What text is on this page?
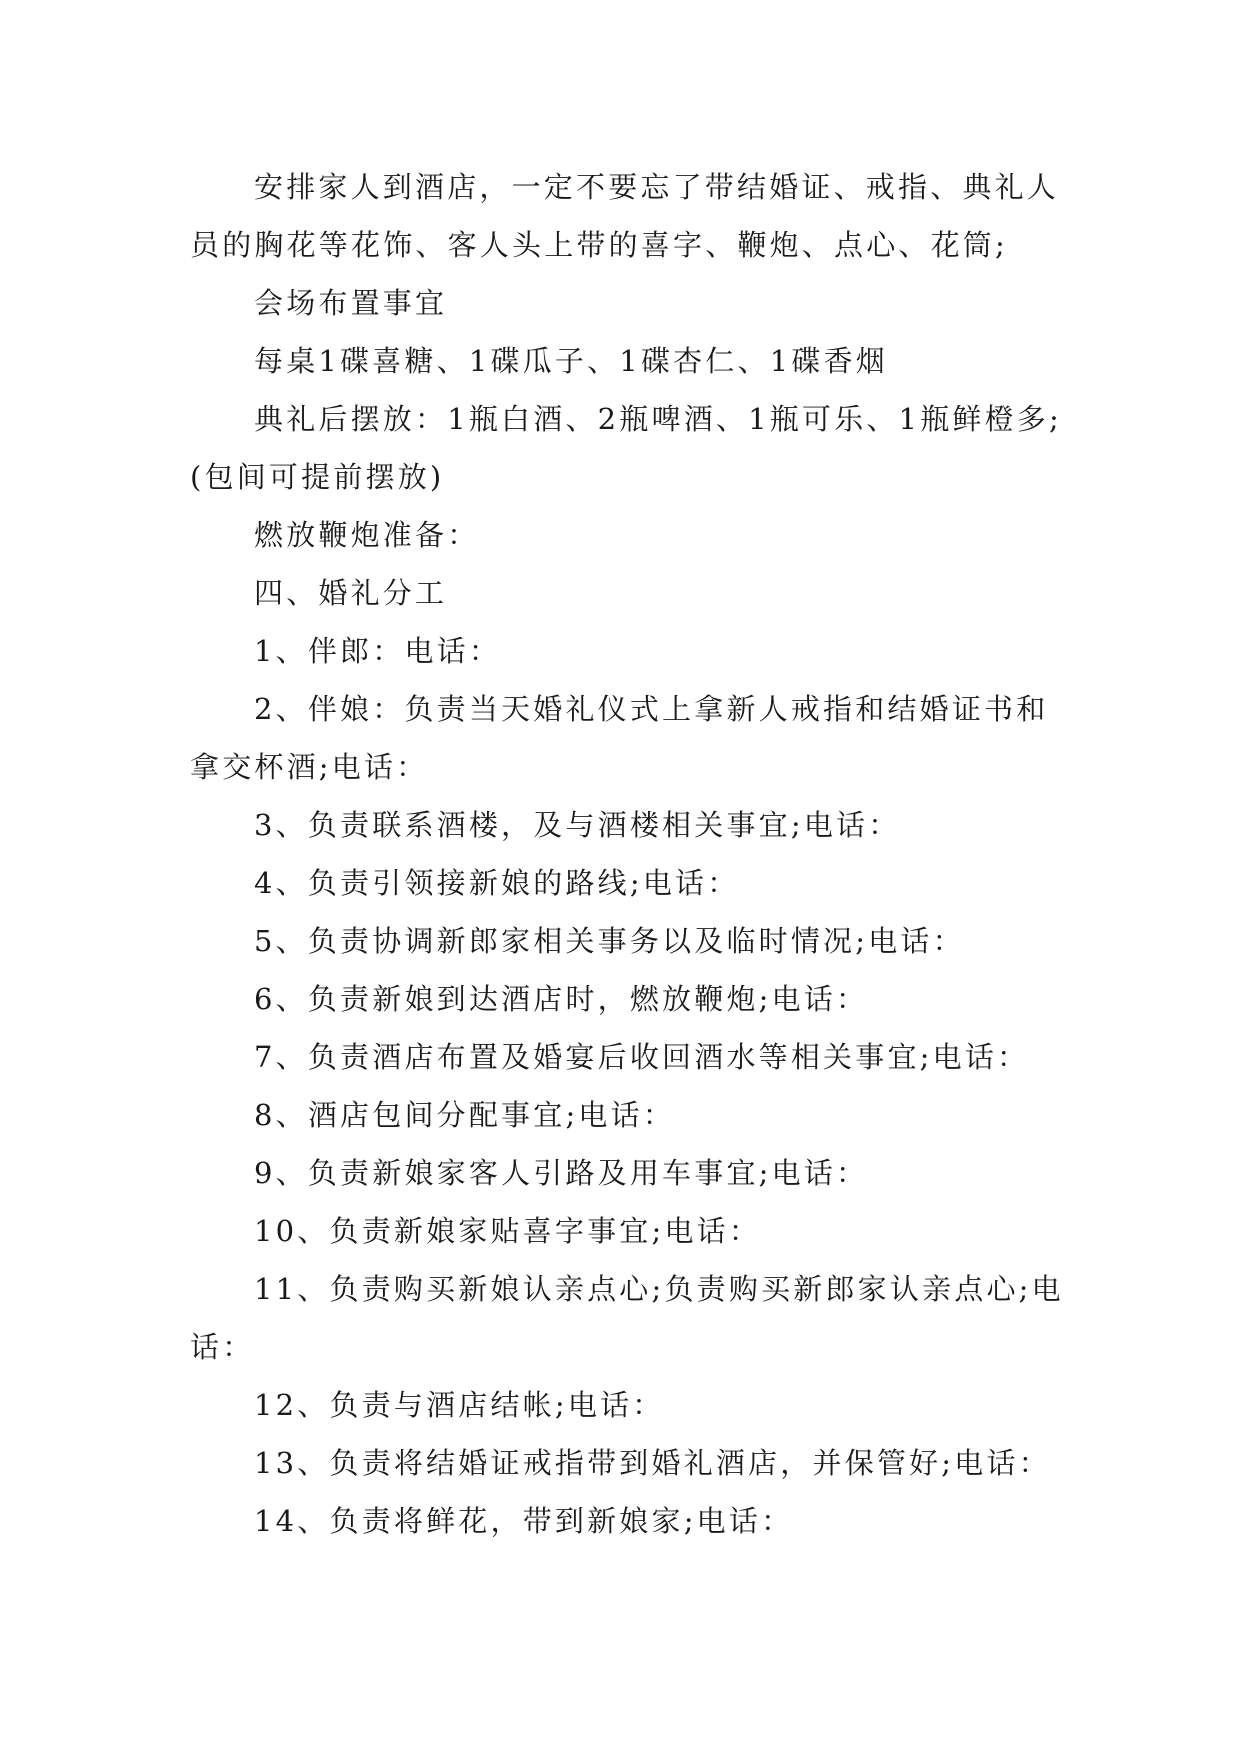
安排家人到酒店，一定不要忘了带结婚证、戒指、典礼人员的胸花等花饰、客人头上带的喜字、鞭炮、点心、花筒;

会场布置事宜

每桌1碟喜糖、1碟瓜子、1碟杏仁、1碟香烟

典礼后摆放：1瓶白酒、2瓶啤酒、1瓶可乐、1瓶鲜橙多;(包间可提前摆放)

燃放鞭炮准备：

四、婚礼分工

1、伴郎：电话：

2、伴娘：负责当天婚礼仪式上拿新人戒指和结婚证书和拿交杯酒;电话：

3、负责联系酒楼，及与酒楼相关事宜;电话：

4、负责引领接新娘的路线;电话：

5、负责协调新郎家相关事务以及临时情况;电话：

6、负责新娘到达酒店时，燃放鞭炮;电话：

7、负责酒店布置及婚宴后收回酒水等相关事宜;电话：

8、酒店包间分配事宜;电话：

9、负责新娘家客人引路及用车事宜;电话：

10、负责新娘家贴喜字事宜;电话：

11、负责购买新娘认亲点心;负责购买新郎家认亲点心;电话：

12、负责与酒店结帐;电话：

13、负责将结婚证戒指带到婚礼酒店，并保管好;电话：

14、负责将鲜花，带到新娘家;电话：
